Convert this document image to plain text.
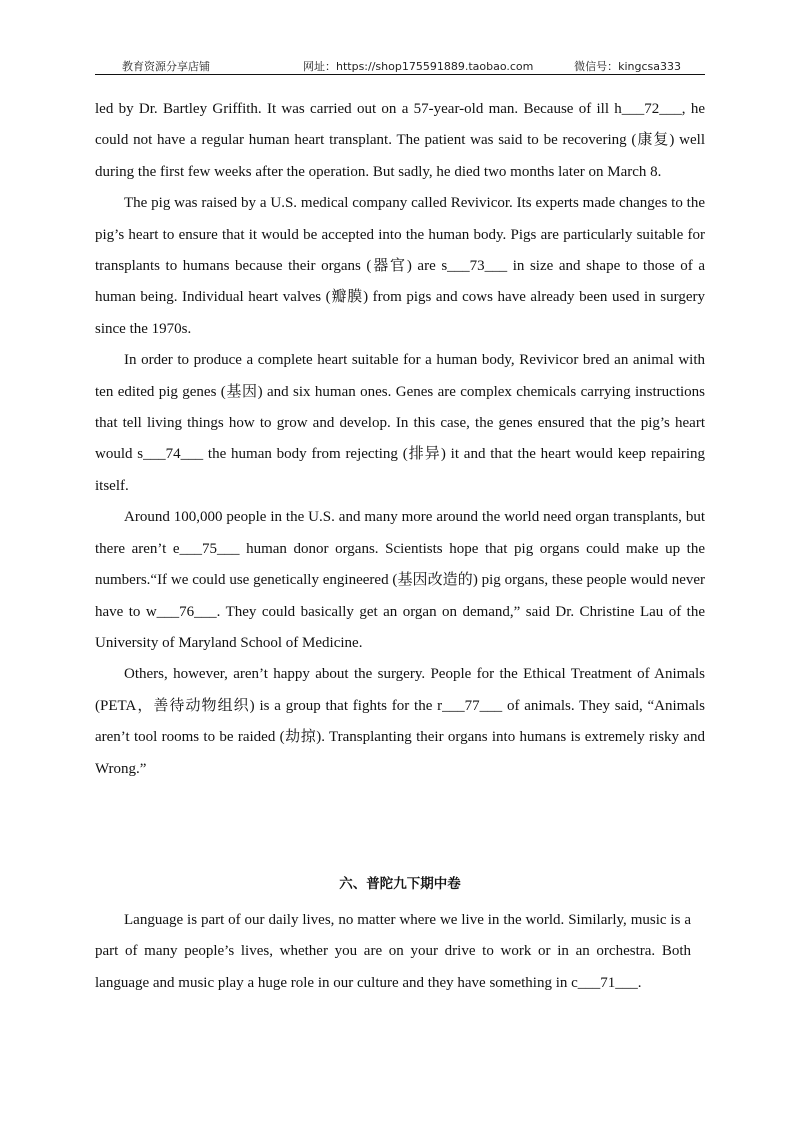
教育资源分享店铺	网址：https://shop175591889.taobao.com	微信号：kingcsa333

led by Dr. Bartley Griffith. It was carried out on a 57-year-old man. Because of ill h___72___, he could not have a regular human heart transplant. The patient was said to be recovering (康复) well during the first few weeks after the operation. But sadly, he died two months later on March 8.

The pig was raised by a U.S. medical company called Revivicor. Its experts made changes to the pig’s heart to ensure that it would be accepted into the human body. Pigs are particularly suitable for transplants to humans because their organs (器官) are s___73___ in size and shape to those of a human being. Individual heart valves (瓣膜) from pigs and cows have already been used in surgery since the 1970s.

In order to produce a complete heart suitable for a human body, Revivicor bred an animal with ten edited pig genes (基因) and six human ones. Genes are complex chemicals carrying instructions that tell living things how to grow and develop. In this case, the genes ensured that the pig’s heart would s___74___ the human body from rejecting (排异) it and that the heart would keep repairing itself.

Around 100,000 people in the U.S. and many more around the world need organ transplants, but there aren’t e___75___ human donor organs. Scientists hope that pig organs could make up the numbers.“If we could use genetically engineered (基因改造的) pig organs, these people would never have to w___76___. They could basically get an organ on demand,” said Dr. Christine Lau of the University of Maryland School of Medicine.

Others, however, aren’t happy about the surgery. People for the Ethical Treatment of Animals (PETA，善待动物组织) is a group that fights for the r___77___ of animals. They said, “Animals aren’t tool rooms to be raided (劫掠). Transplanting their organs into humans is extremely risky and Wrong.”

六、普陀九下期中卷

Language is part of our daily lives, no matter where we live in the world. Similarly, music is a part of many people’s lives, whether you are on your drive to work or in an orchestra. Both language and music play a huge role in our culture and they have something in c___71___.
